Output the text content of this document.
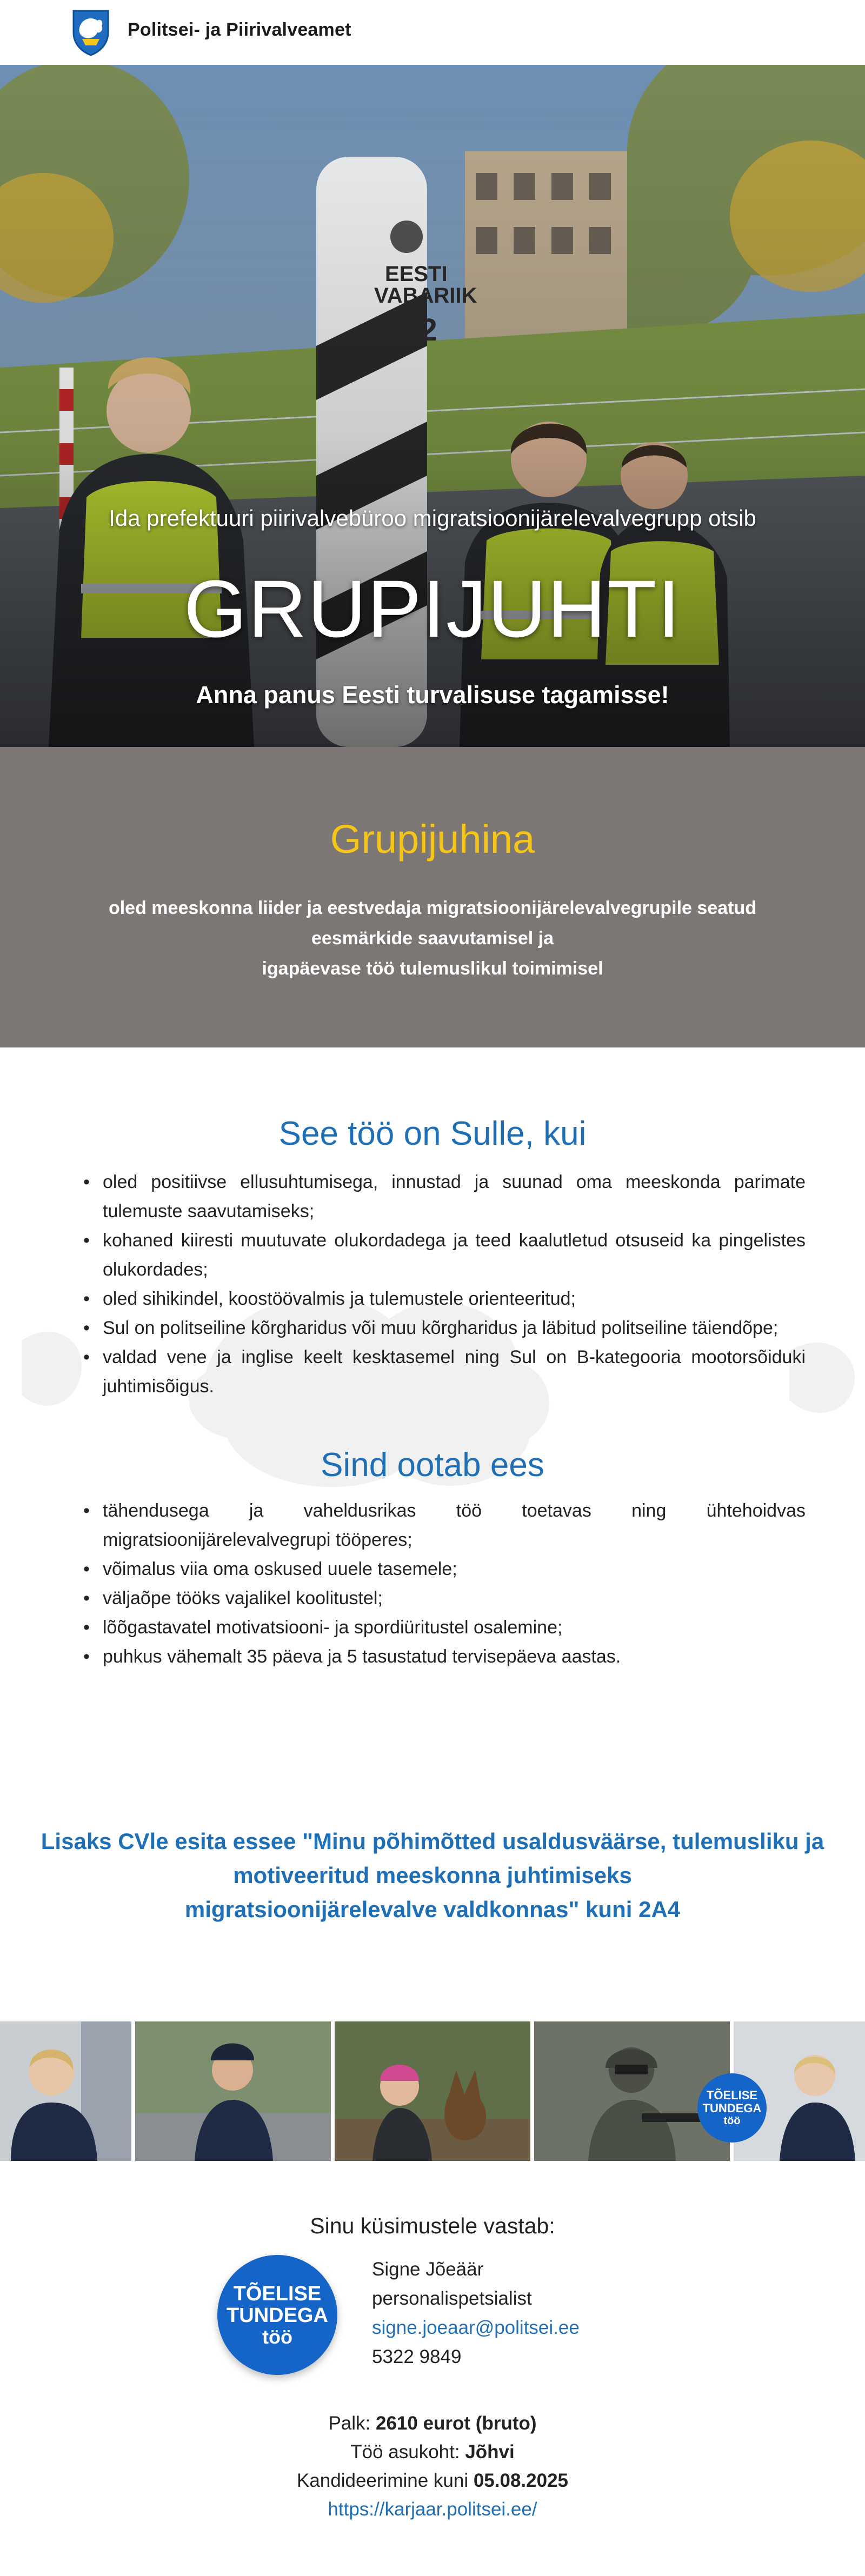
Politsei- ja Piirivalveamet
Ida prefektuuri piirivalvebüroo migratsioonijärelevalvegrupp otsib
GRUPIJUHTI
Anna panus Eesti turvalisuse tagamisse!
Grupijuhina
oled meeskonna liider ja eestvedaja migratsioonijärelevalvegrupile seatud
eesmärkide saavutamisel ja
igapäevase töö tulemuslikul toimimisel
See töö on Sulle, kui
• oled positiivse ellusuhtumisega, innustad ja suunad oma meeskonda parimate tulemuste saavutamiseks;
• kohaned kiiresti muutuvate olukordadega ja teed kaalutletud otsuseid ka pingelistes olukordades;
• oled sihikindel, koostöövalmis ja tulemustele orienteeritud;
• Sul on politseiline kõrgharidus või muu kõrgharidus ja läbitud politseiline täiendõpe;
• valdad vene ja inglise keelt kesktasemel ning Sul on B-kategooria mootorsõiduki juhtimisõigus.
Sind ootab ees
• tähendusega ja vaheldusrikas töö toetavas ning ühtehoidvas migratsioonijärelevalvegrupi tööperes;
• võimalus viia oma oskused uuele tasemele;
• väljaõpe tööks vajalikel koolitustel;
• lõõgastavatel motivatsiooni- ja spordiüritustel osalemine;
• puhkus vähemalt 35 päeva ja 5 tasustatud tervisepäeva aastas.
Lisaks CVle esita essee "Minu põhimõtted usaldusväärse, tulemusliku ja
motiveeritud meeskonna juhtimiseks
migratsioonijärelevalve valdkonnas" kuni 2A4
TÕELISE
TUNDEGA
töö
Sinu küsimustele vastab:
TÕELISE
TUNDEGA
töö
Signe Jõeäär
personalispetsialist
signe.joeaar@politsei.ee
5322 9849
Palk: 2610 eurot (bruto)
Töö asukoht: Jõhvi
Kandideerimine kuni 05.08.2025
https://karjaar.politsei.ee/
